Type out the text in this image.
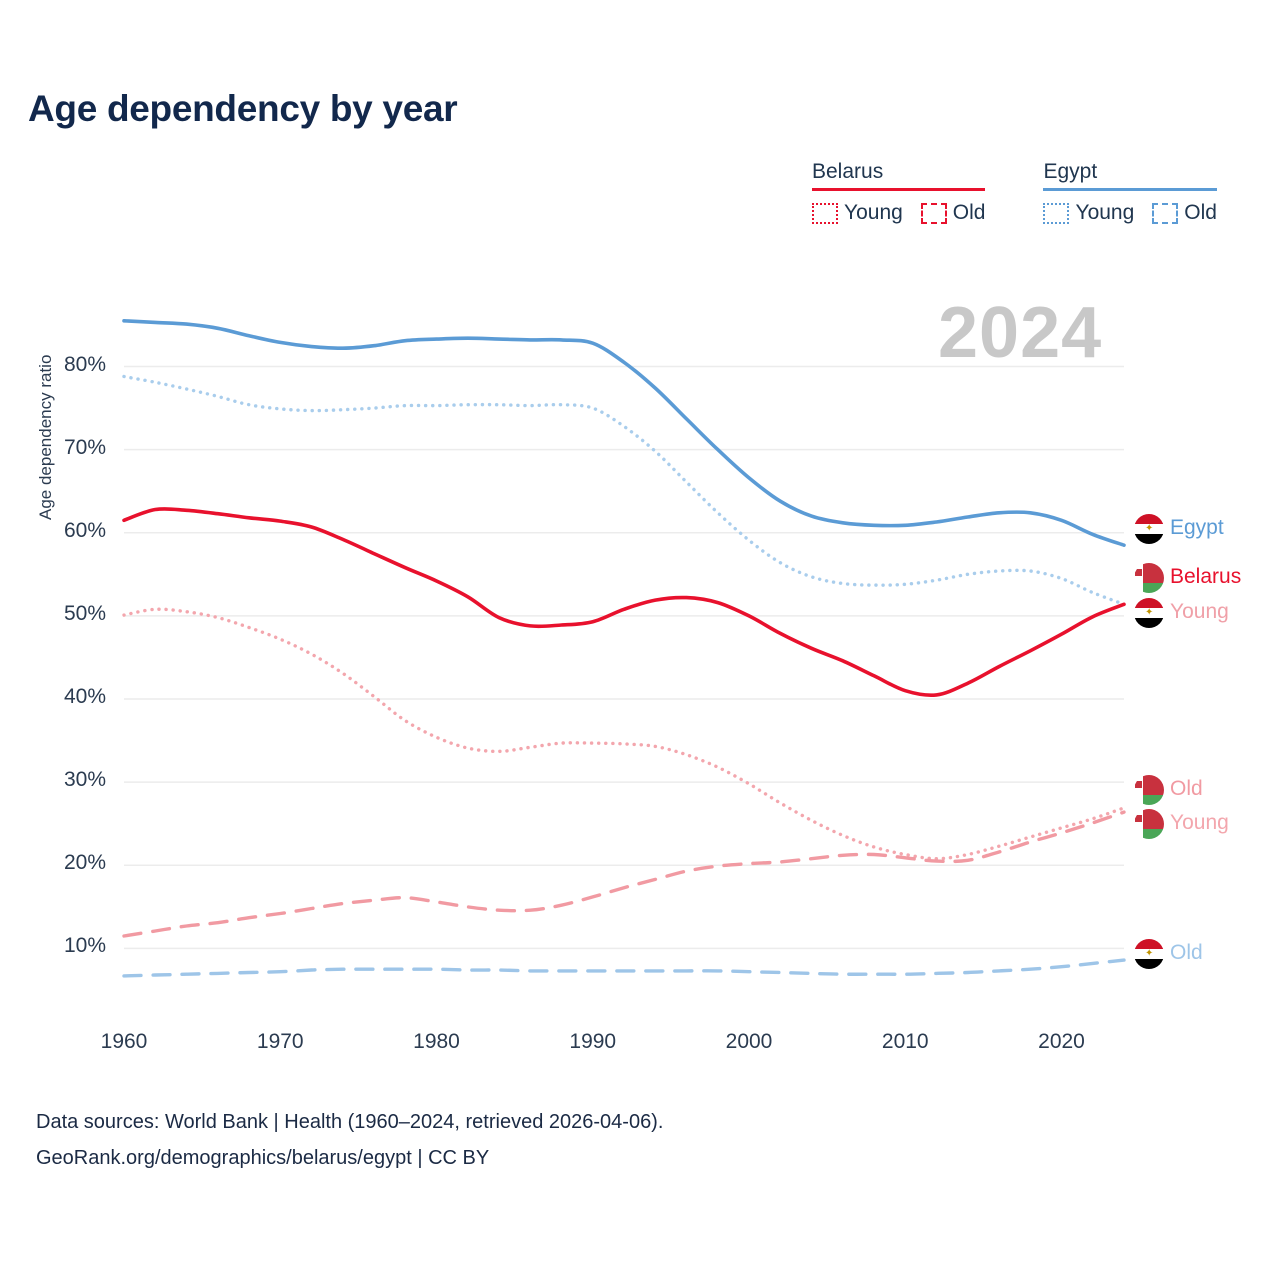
Age dependency by year
Belarus
Young Old
Egypt
Young Old
2024
Age dependency ratio
10%
20%
30%
40%
50%
60%
70%
80%
1960	1970	1980	1990	2000	2010	2020
✦ Egypt
Belarus
✦ Young
Old
Young
✦ Old
Data sources: World Bank | Health (1960–2024, retrieved 2026-04-06).
GeoRank.org/demographics/belarus/egypt | CC BY
